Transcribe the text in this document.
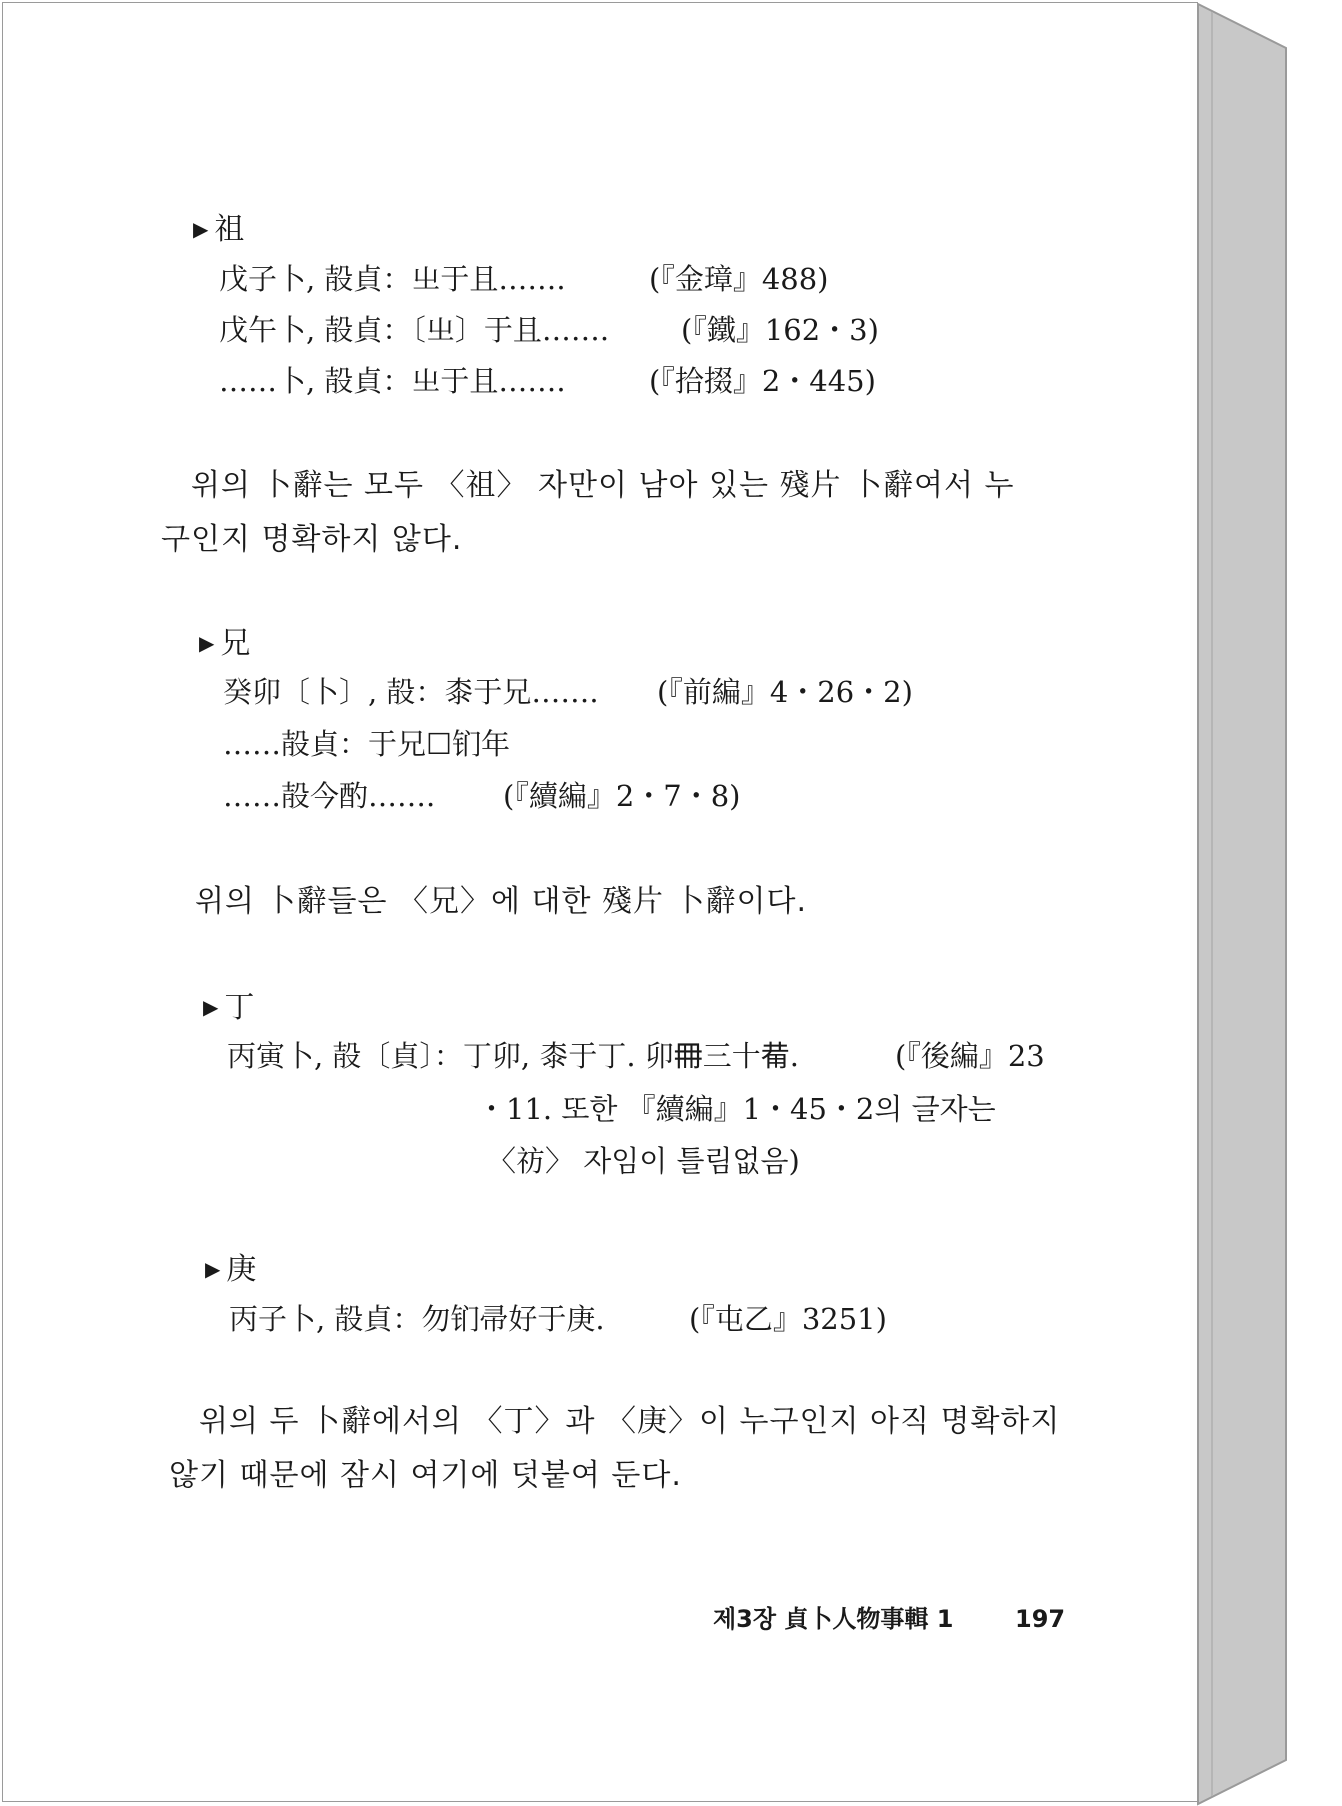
▶ 祖
戊子卜, 㱿貞：㞢于且…….	(『金璋』488)
戊午卜, 㱿貞：〔㞢〕于且……. (『鐵』162・3)
……卜, 㱿貞：㞢于且…….	(『拾掇』2・445)
위의 卜辭는 모두 〈祖〉 자만이 남아 있는 殘片 卜辭여서 누
구인지 명확하지 않다.
▶ 兄
癸卯〔卜〕, 㱿：桼于兄……. (『前編』4・26・2)
……㱿貞：于兄☐钔年
……㱿今酌……. (『續編』2・7・8)
위의 卜辭들은 〈兄〉에 대한 殘片 卜辭이다.
▶ 丁
丙寅卜, 㱿〔貞〕：丁卯, 桼于丁. 卯𠕋三十𤰇.	(『後編』23
・11. 또한 『續編』1・45・2의 글자는
〈祊〉 자임이 틀림없음)
▶ 庚
丙子卜, 㱿貞：勿钔帚好于庚.	(『屯乙』3251)
위의 두 卜辭에서의 〈丁〉과 〈庚〉이 누구인지 아직 명확하지
않기 때문에 잠시 여기에 덧붙여 둔다.
제3장 貞卜人物事輯 1	197
